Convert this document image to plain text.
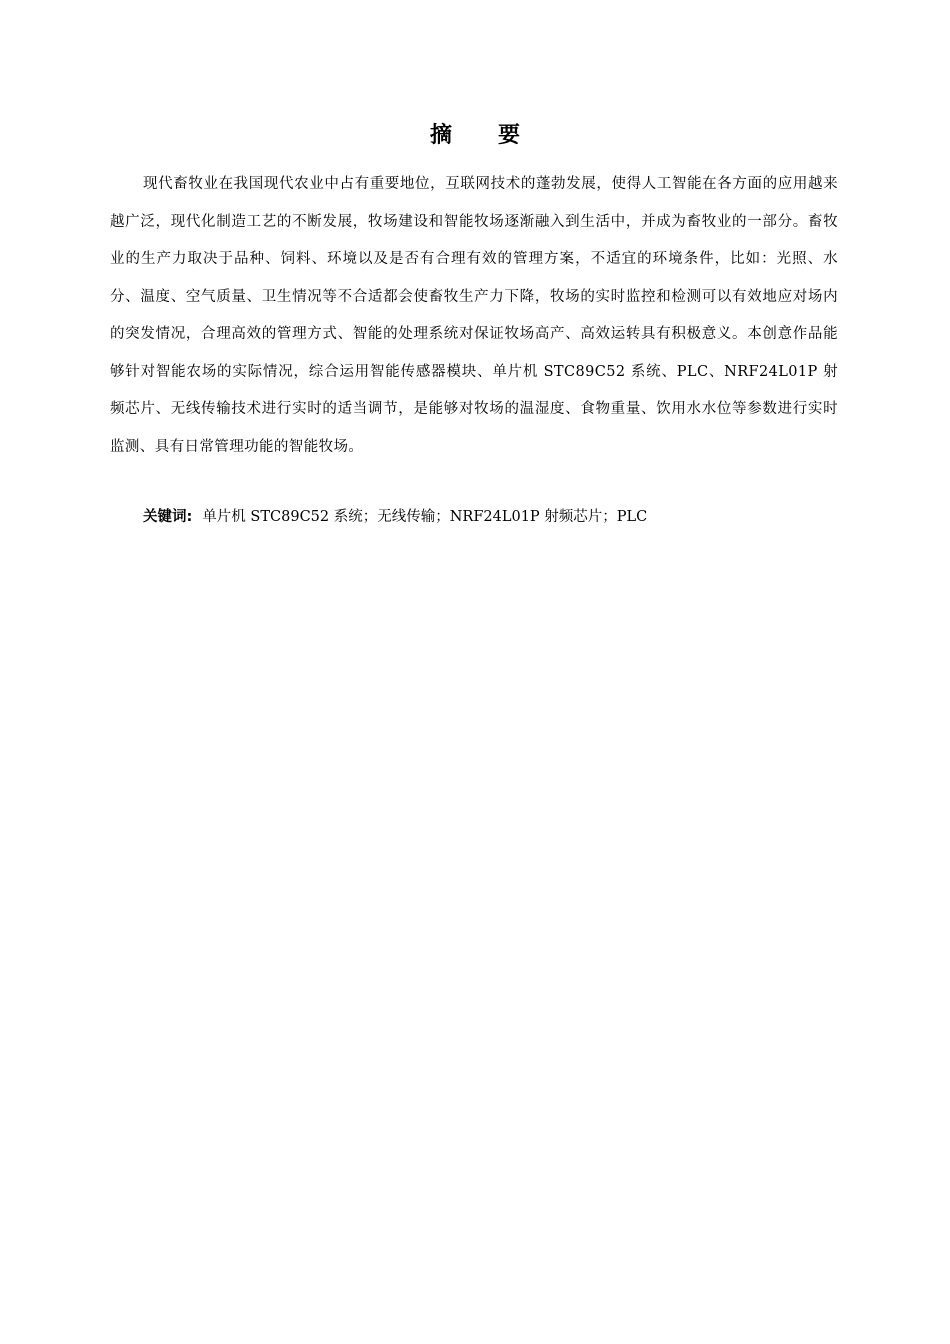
摘 要

现代畜牧业在我国现代农业中占有重要地位，互联网技术的蓬勃发展，使得人工智能在各方面的应用越来越广泛，现代化制造工艺的不断发展，牧场建设和智能牧场逐渐融入到生活中，并成为畜牧业的一部分。畜牧业的生产力取决于品种、饲料、环境以及是否有合理有效的管理方案，不适宜的环境条件，比如：光照、水分、温度、空气质量、卫生情况等不合适都会使畜牧生产力下降，牧场的实时监控和检测可以有效地应对场内的突发情况，合理高效的管理方式、智能的处理系统对保证牧场高产、高效运转具有积极意义。本创意作品能够针对智能农场的实际情况，综合运用智能传感器模块、单片机 STC89C52 系统、PLC、NRF24L01P 射频芯片、无线传输技术进行实时的适当调节，是能够对牧场的温湿度、食物重量、饮用水水位等参数进行实时监测、具有日常管理功能的智能牧场。

关键词: 单片机 STC89C52 系统；无线传输；NRF24L01P 射频芯片；PLC
